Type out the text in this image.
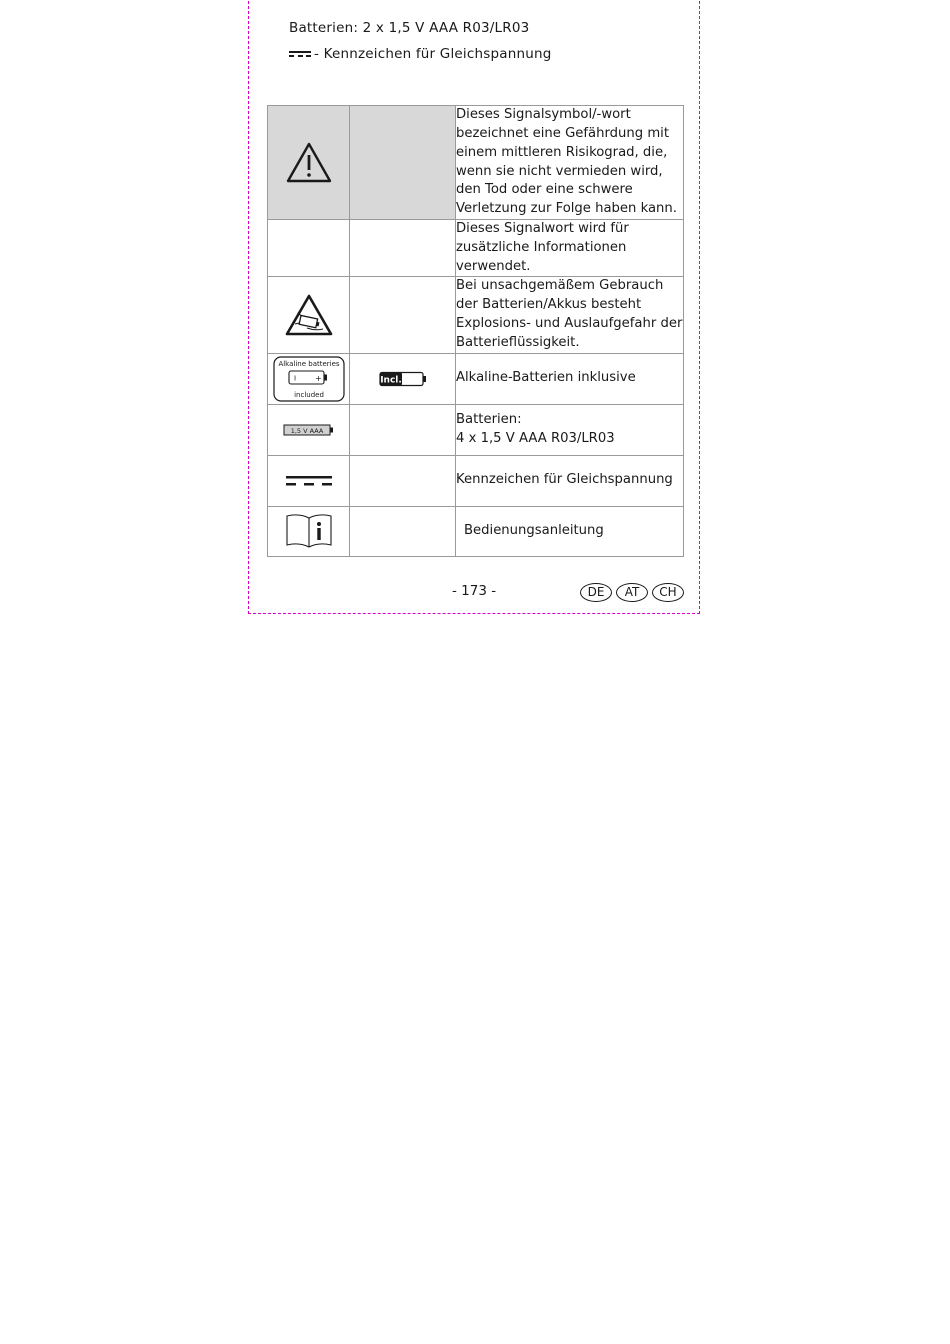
Batterien: 2 x 1,5 V AAA R03/LR03
- Kennzeichen für Gleichspannung
		Dieses Signalsymbol/-wort bezeichnet eine Gefährdung mit einem mittleren Risikograd, die, wenn sie nicht vermieden wird, den Tod oder eine schwere Verletzung zur Folge haben kann.
		Dieses Signalwort wird für zusätzliche Informationen verwendet.

		Bei unsachgemäßem Gebrauch der Batterien/Akkus besteht Explosions- und Auslaufgefahr der Batterieflüssigkeit.

Alkaline batteries
I +
included	Incl.	Alkaline-Batterien inklusive

1,5 V AAA		Batterien:
4 x 1,5 V AAA R03/LR03

		Kennzeichen für Gleichspannung

		Bedienungsanleitung
- 173 -	DE	AT	CH
